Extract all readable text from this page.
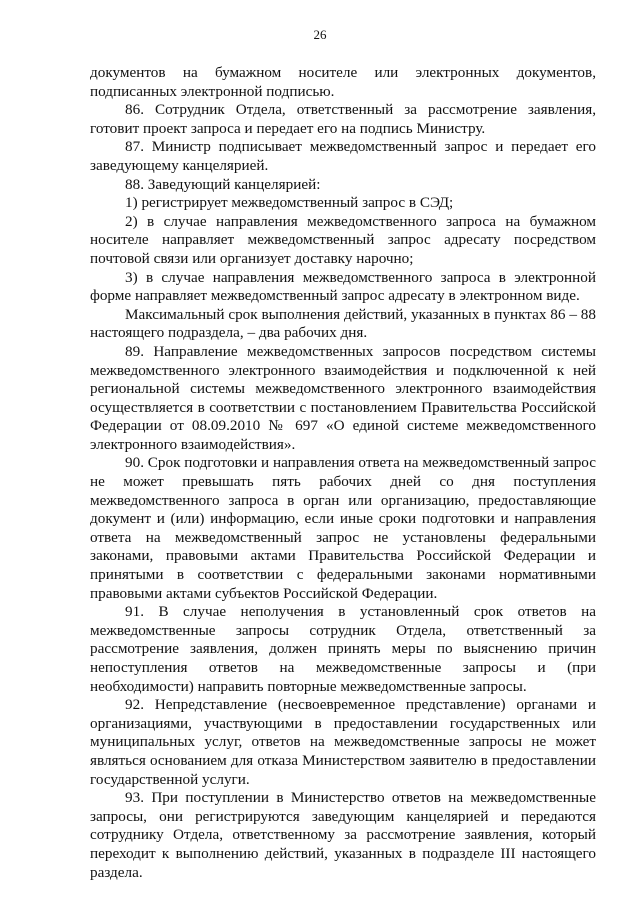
26

документов на бумажном носителе или электронных документов, подписанных электронной подписью.

86. Сотрудник Отдела, ответственный за рассмотрение заявления, готовит проект запроса и передает его на подпись Министру.

87. Министр подписывает межведомственный запрос и передает его заведующему канцелярией.

88. Заведующий канцелярией:

1) регистрирует межведомственный запрос в СЭД;

2) в случае направления межведомственного запроса на бумажном носителе направляет межведомственный запрос адресату посредством почтовой связи или организует доставку нарочно;

3) в случае направления межведомственного запроса в электронной форме направляет межведомственный запрос адресату в электронном виде.

Максимальный срок выполнения действий, указанных в пунктах 86 – 88 настоящего подраздела, – два рабочих дня.

89. Направление межведомственных запросов посредством системы межведомственного электронного взаимодействия и подключенной к ней региональной системы межведомственного электронного взаимодействия осуществляется в соответствии с постановлением Правительства Российской Федерации от 08.09.2010 № 697 «О единой системе межведомственного электронного взаимодействия».

90. Срок подготовки и направления ответа на межведомственный запрос не может превышать пять рабочих дней со дня поступления межведомственного запроса в орган или организацию, предоставляющие документ и (или) информацию, если иные сроки подготовки и направления ответа на межведомственный запрос не установлены федеральными законами, правовыми актами Правительства Российской Федерации и принятыми в соответствии с федеральными законами нормативными правовыми актами субъектов Российской Федерации.

91. В случае неполучения в установленный срок ответов на межведомственные запросы сотрудник Отдела, ответственный за рассмотрение заявления, должен принять меры по выяснению причин непоступления ответов на межведомственные запросы и (при необходимости) направить повторные межведомственные запросы.

92. Непредставление (несвоевременное представление) органами и организациями, участвующими в предоставлении государственных или муниципальных услуг, ответов на межведомственные запросы не может являться основанием для отказа Министерством заявителю в предоставлении государственной услуги.

93. При поступлении в Министерство ответов на межведомственные запросы, они регистрируются заведующим канцелярией и передаются сотруднику Отдела, ответственному за рассмотрение заявления, который переходит к выполнению действий, указанных в подразделе III настоящего раздела.
